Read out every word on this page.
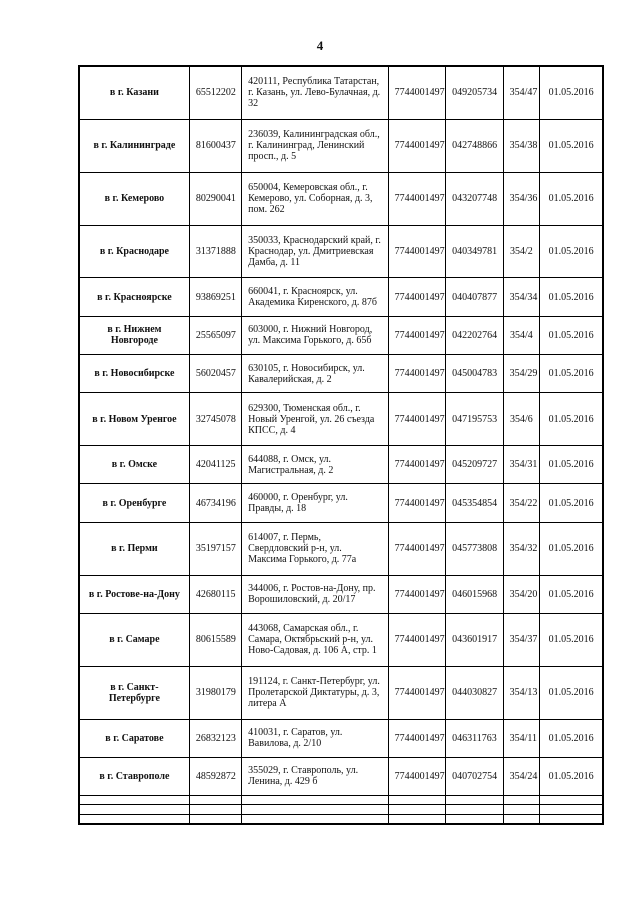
4
в г. Казани	65512202	420111, Республика Татарстан, г. Казань, ул. Лево-Булачная, д. 32	7744001497	049205734	354/47	01.05.2016
в г. Калининграде	81600437	236039, Калининградская обл., г. Калининград, Ленинский просп., д. 5	7744001497	042748866	354/38	01.05.2016
в г. Кемерово	80290041	650004, Кемеровская обл., г. Кемерово, ул. Соборная, д. 3, пом. 262	7744001497	043207748	354/36	01.05.2016
в г. Краснодаре	31371888	350033, Краснодарский край, г. Краснодар, ул. Дмитриевская Дамба, д. 11	7744001497	040349781	354/2	01.05.2016
в г. Красноярске	93869251	660041, г. Красноярск, ул. Академика Киренского, д. 87б	7744001497	040407877	354/34	01.05.2016
в г. Нижнем Новгороде	25565097	603000, г. Нижний Новгород, ул. Максима Горького, д. 65б	7744001497	042202764	354/4	01.05.2016
в г. Новосибирске	56020457	630105, г. Новосибирск, ул. Кавалерийская, д. 2	7744001497	045004783	354/29	01.05.2016
в г. Новом Уренгое	32745078	629300, Тюменская обл., г. Новый Уренгой, ул. 26 съезда КПСС, д. 4	7744001497	047195753	354/6	01.05.2016
в г. Омске	42041125	644088, г. Омск, ул. Магистральная, д. 2	7744001497	045209727	354/31	01.05.2016
в г. Оренбурге	46734196	460000, г. Оренбург, ул. Правды, д. 18	7744001497	045354854	354/22	01.05.2016
в г. Перми	35197157	614007, г. Пермь, Свердловский р-н, ул. Максима Горького, д. 77а	7744001497	045773808	354/32	01.05.2016
в г. Ростове-на-Дону	42680115	344006, г. Ростов-на-Дону, пр. Ворошиловский, д. 20/17	7744001497	046015968	354/20	01.05.2016
в г. Самаре	80615589	443068, Самарская обл., г. Самара, Октябрьский р-н, ул. Ново-Садовая, д. 106 А, стр. 1	7744001497	043601917	354/37	01.05.2016
в г. Санкт-Петербурге	31980179	191124, г. Санкт-Петербург, ул. Пролетарской Диктатуры, д. 3, литера А	7744001497	044030827	354/13	01.05.2016
в г. Саратове	26832123	410031, г. Саратов, ул. Вавилова, д. 2/10	7744001497	046311763	354/11	01.05.2016
в г. Ставрополе	48592872	355029, г. Ставрополь, ул. Ленина, д. 429 б	7744001497	040702754	354/24	01.05.2016
